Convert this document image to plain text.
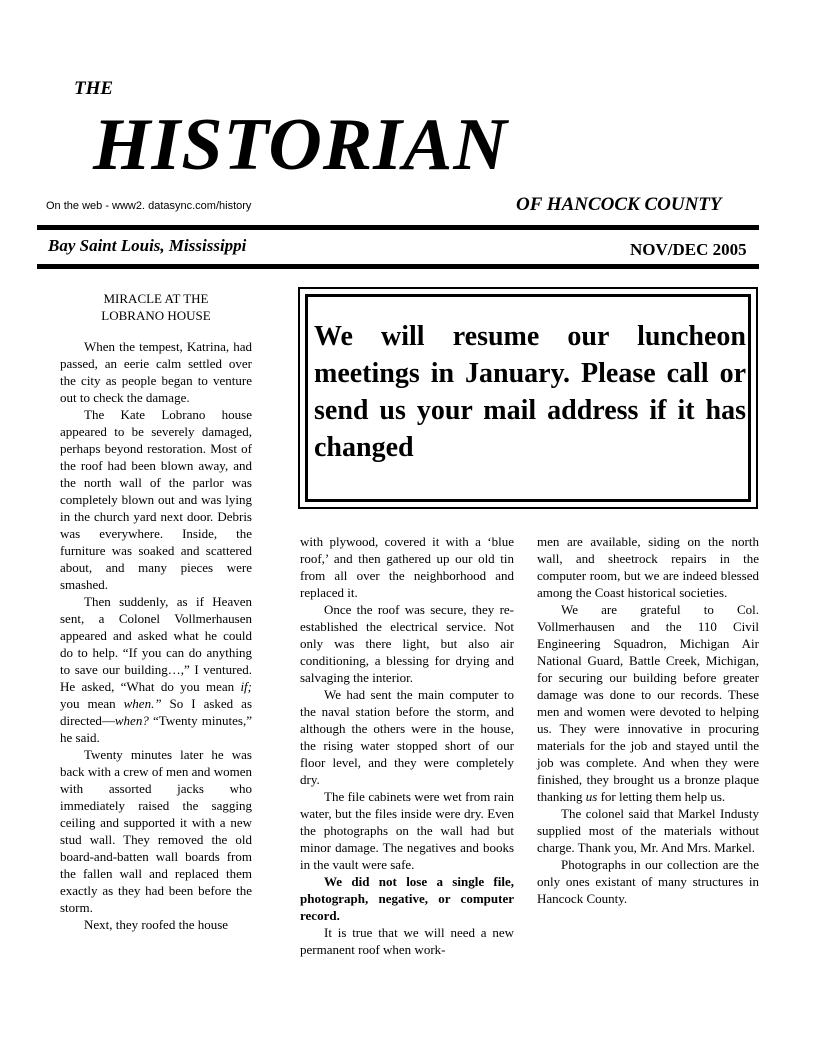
THE
HISTORIAN
On the web - www2. datasync.com/history	OF HANCOCK COUNTY
Bay Saint Louis, Mississippi	NOV/DEC 2005
MIRACLE AT THE
LOBRANO HOUSE
We will resume our luncheon meetings in January. Please call or send us your mail address if it has changed

When the tempest, Katrina, had passed, an eerie calm settled over the city as people began to venture out to check the damage.

The Kate Lobrano house appeared to be severely damaged, perhaps beyond restoration. Most of the roof had been blown away, and the north wall of the parlor was completely blown out and was lying in the church yard next door. Debris was everywhere. Inside, the furniture was soaked and scattered about, and many pieces were smashed.

Then suddenly, as if Heaven sent, a Colonel Vollmerhausen appeared and asked what he could do to help. “If you can do anything to save our building…,” I ventured. He asked, “What do you mean if; you mean when.” So I asked as directed—when? “Twenty minutes,” he said.

Twenty minutes later he was back with a crew of men and women with assorted jacks who immediately raised the sagging ceiling and supported it with a new stud wall. They removed the old board-and-batten wall boards from the fallen wall and replaced them exactly as they had been before the storm.

Next, they roofed the house

with plywood, covered it with a ‘blue roof,’ and then gathered up our old tin from all over the neighborhood and replaced it.

Once the roof was secure, they re-established the electrical service. Not only was there light, but also air conditioning, a blessing for drying and salvaging the interior.

We had sent the main computer to the naval station before the storm, and although the others were in the house, the rising water stopped short of our floor level, and they were completely dry.

The file cabinets were wet from rain water, but the files inside were dry. Even the photographs on the wall had but minor damage. The negatives and books in the vault were safe.

We did not lose a single file, photograph, negative, or computer record.

It is true that we will need a new permanent roof when work-

men are available, siding on the north wall, and sheetrock repairs in the computer room, but we are indeed blessed among the Coast historical societies.

We are grateful to Col. Vollmerhausen and the 110 Civil Engineering Squadron, Michigan Air National Guard, Battle Creek, Michigan, for securing our building before greater damage was done to our records. These men and women were devoted to helping us. They were innovative in procuring materials for the job and stayed until the job was complete. And when they were finished, they brought us a bronze plaque thanking us for letting them help us.

The colonel said that Markel Industy supplied most of the materials without charge. Thank you, Mr. And Mrs. Markel.

Photographs in our collection are the only ones existant of many structures in Hancock County.
